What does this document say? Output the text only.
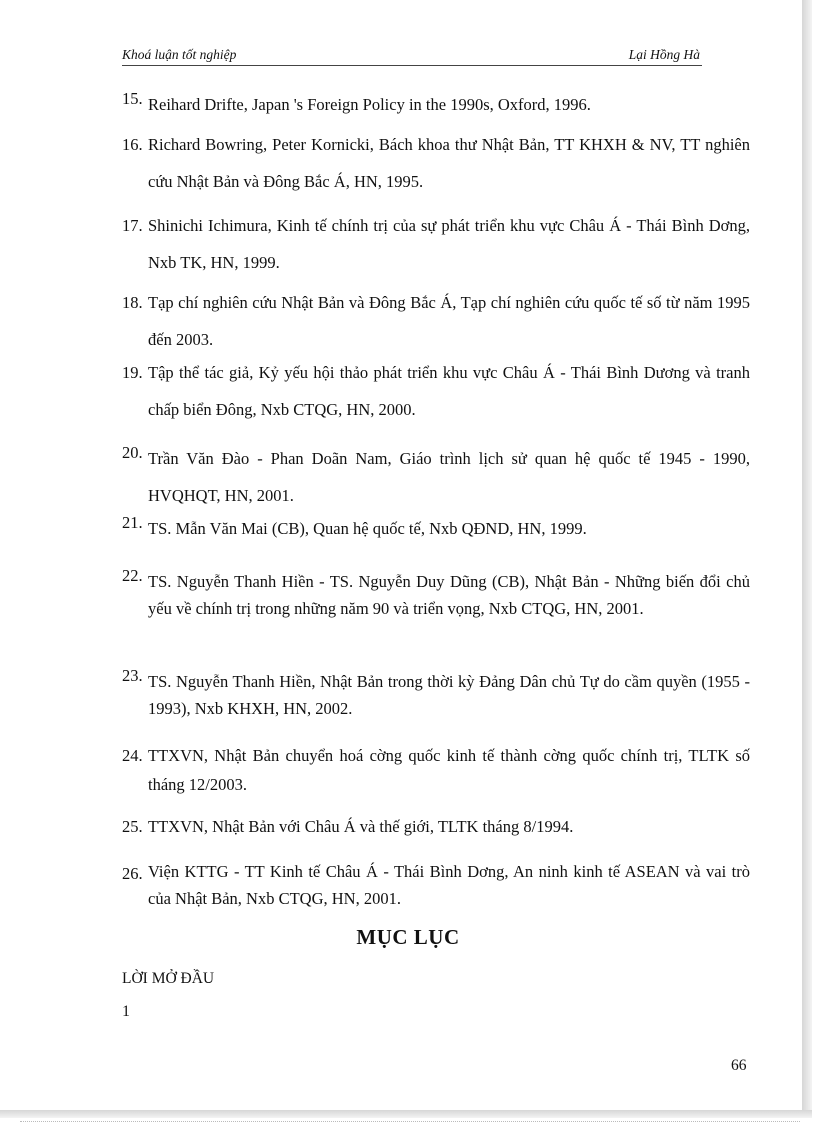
Khoá luận tốt nghiệp	Lại Hồng Hà
15. Reihard Drifte, Japan 's Foreign Policy in the 1990s, Oxford, 1996.
16. Richard Bowring, Peter Kornicki, Bách khoa thư Nhật Bản, TT KHXH & NV, TT nghiên cứu Nhật Bản và Đông Bắc Á, HN, 1995.
17. Shinichi Ichimura, Kinh tế chính trị của sự phát triển khu vực Châu Á - Thái Bình Dơng, Nxb TK, HN, 1999.
18. Tạp chí nghiên cứu Nhật Bản và Đông Bắc Á, Tạp chí nghiên cứu quốc tế số từ năm 1995 đến 2003.
19. Tập thể tác giả, Kỷ yếu hội thảo phát triển khu vực Châu Á - Thái Bình Dương và tranh chấp biển Đông, Nxb CTQG, HN, 2000.
20. Trần Văn Đào - Phan Doãn Nam, Giáo trình lịch sử quan hệ quốc tế 1945 - 1990, HVQHQT, HN, 2001.
21. TS. Mẫn Văn Mai (CB), Quan hệ quốc tế, Nxb QĐND, HN, 1999.
22. TS. Nguyễn Thanh Hiền - TS. Nguyễn Duy Dũng (CB), Nhật Bản - Những biến đổi chủ yếu về chính trị trong những năm 90 và triển vọng, Nxb CTQG, HN, 2001.
23. TS. Nguyễn Thanh Hiền, Nhật Bản trong thời kỳ Đảng Dân chủ Tự do cầm quyền (1955 - 1993), Nxb KHXH, HN, 2002.
24. TTXVN, Nhật Bản chuyển hoá cờng quốc kinh tế thành cờng quốc chính trị, TLTK số tháng 12/2003.
25. TTXVN, Nhật Bản với Châu Á và thế giới, TLTK tháng 8/1994.
26. Viện KTTG - TT Kinh tế Châu Á - Thái Bình Dơng, An ninh kinh tế ASEAN và vai trò của Nhật Bản, Nxb CTQG, HN, 2001.
MỤC LỤC
LỜI MỞ ĐẦU
1
66
